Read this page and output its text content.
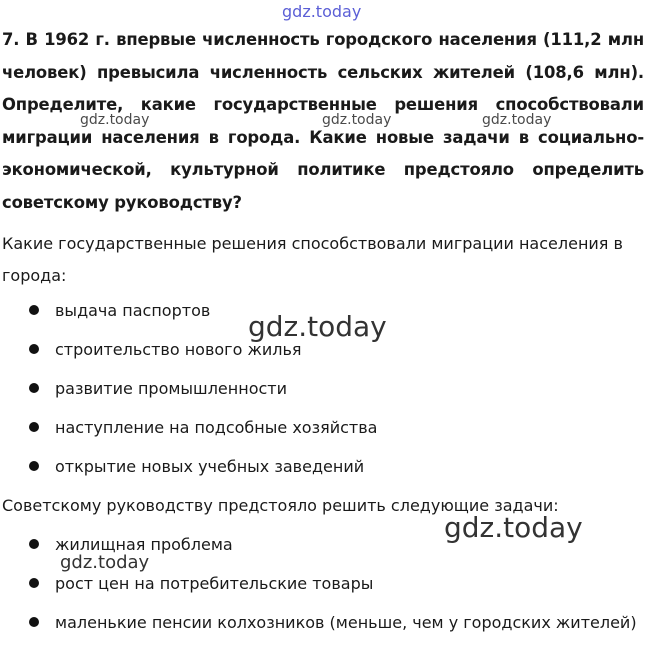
7. В 1962 г. впервые численность городского населения (111,2 млн человек) превысила численность сельских жителей (108,6 млн). Определите, какие государственные решения способствовали миграции населения в города. Какие новые задачи в социально-экономической, культурной политике предстояло определить советскому руководству?

Какие государственные решения способствовали миграции населения в города:

выдача паспортов
строительство нового жилья
развитие промышленности
наступление на подсобные хозяйства
открытие новых учебных заведений

Советскому руководству предстояло решить следующие задачи:

жилищная проблема
рост цен на потребительские товары
маленькие пенсии колхозников (меньше, чем у городских жителей)
gdz.today
gdz.today	gdz.today	gdz.today
gdz.today
gdz.today
gdz.today
